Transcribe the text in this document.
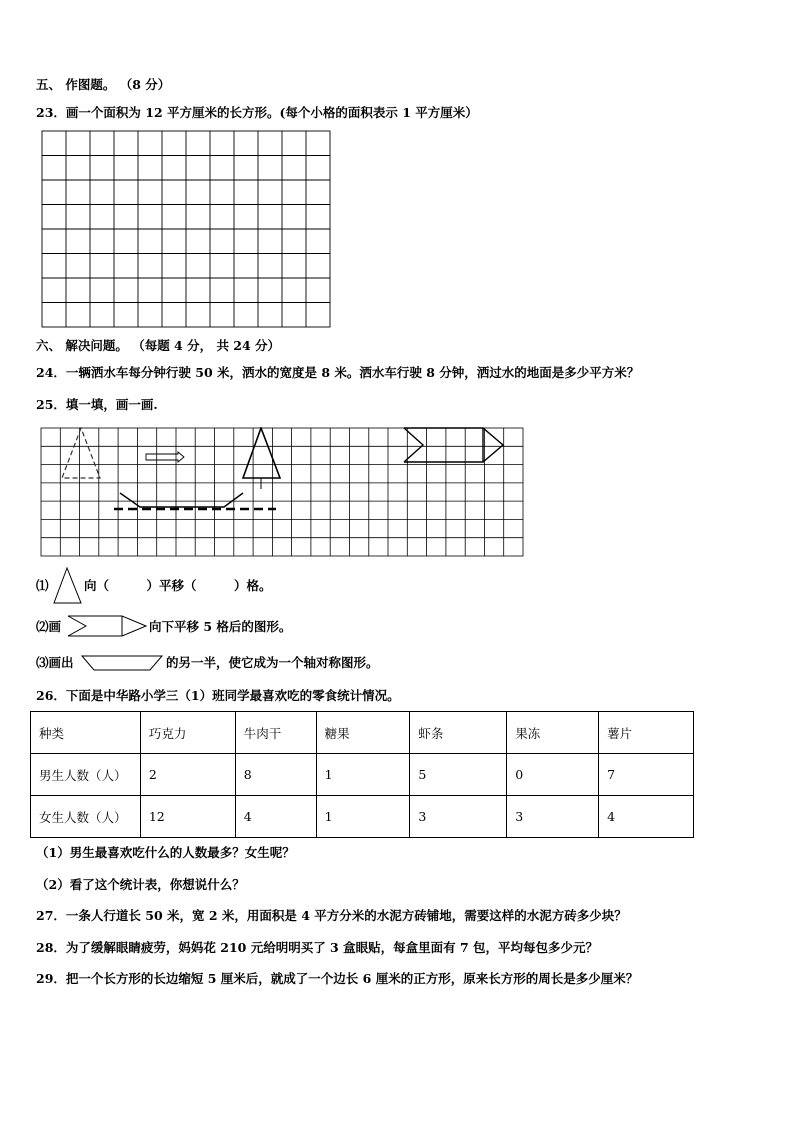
五、 作图题。 （8 分）
23．画一个面积为 12 平方厘米的长方形。(每个小格的面积表示 1 平方厘米）
六、 解决问题。 （每题 4 分， 共 24 分）
24．一辆洒水车每分钟行驶 50 米，洒水的宽度是 8 米。洒水车行驶 8 分钟，洒过水的地面是多少平方米？
25．填一填，画一画.
⑴	向（　　　）平移（　　　）格。
⑵画	向下平移 5 格后的图形。
⑶画出	的另一半，使它成为一个轴对称图形。
26．下面是中华路小学三（1）班同学最喜欢吃的零食统计情况。
种类	巧克力	牛肉干	糖果	虾条	果冻	薯片
男生人数（人）	2	8	1	5	0	7
女生人数（人）	12	4	1	3	3	4
（1）男生最喜欢吃什么的人数最多？女生呢？
（2）看了这个统计表，你想说什么？
27．一条人行道长 50 米，宽 2 米，用面积是 4 平方分米的水泥方砖铺地，需要这样的水泥方砖多少块？
28．为了缓解眼睛疲劳，妈妈花 210 元给明明买了 3 盒眼贴，每盒里面有 7 包，平均每包多少元？
29．把一个长方形的长边缩短 5 厘米后，就成了一个边长 6 厘米的正方形，原来长方形的周长是多少厘米？
